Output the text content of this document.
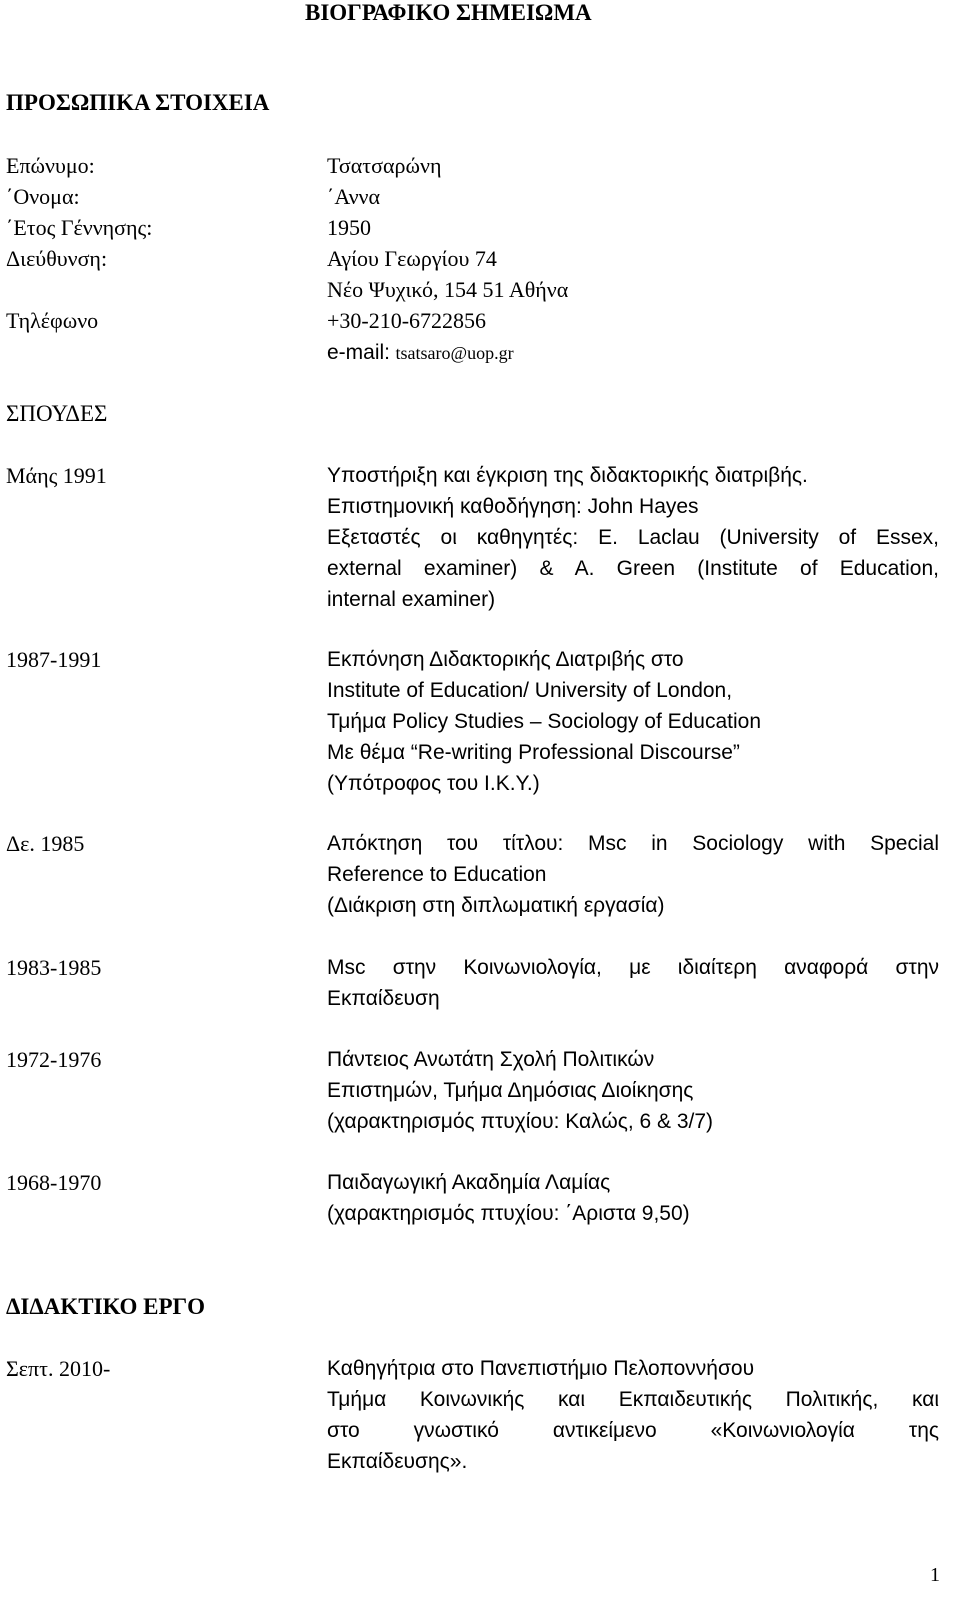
ΒΙΟΓΡΑΦΙΚΟ ΣΗΜΕΙΩΜΑ
ΠΡΟΣΩΠΙΚΑ ΣΤΟΙΧΕΙΑ
Επώνυμο:	Τσατσαρώνη
΄Ονομα:	΄Αννα
΄Ετος Γέννησης:	1950
Διεύθυνση:	Αγίου Γεωργίου 74
Νέο Ψυχικό, 154 51 Αθήνα
Τηλέφωνο	+30-210-6722856
e-mail: tsatsaro@uop.gr
ΣΠΟΥΔΕΣ
Μάης 1991	Υποστήριξη και έγκριση της διδακτορικής διατριβής.
Επιστημονική καθοδήγηση: John Hayes
Εξεταστές οι καθηγητές: E. Laclau (University of Essex,
external examiner) & A. Green (Institute of Education,
internal examiner)
1987-1991	Εκπόνηση Διδακτορικής Διατριβής στο
Institute of Education/ University of London,
Τμήμα Policy Studies – Sociology of Education
Με θέμα “Re-writing Professional Discourse”
(Υπότροφος του Ι.Κ.Υ.)
Δε. 1985	Απόκτηση του τίτλου: Msc in Sociology with Special
Reference to Education
(Διάκριση στη διπλωματική εργασία)
1983-1985	Msc στην Κοινωνιολογία, με ιδιαίτερη αναφορά στην
Εκπαίδευση
1972-1976	Πάντειος Ανωτάτη Σχολή Πολιτικών
Επιστημών, Τμήμα Δημόσιας Διοίκησης
(χαρακτηρισμός πτυχίου: Καλώς, 6 & 3/7)
1968-1970	Παιδαγωγική Ακαδημία Λαμίας
(χαρακτηρισμός πτυχίου: ΄Αριστα 9,50)
ΔΙΔΑΚΤΙΚΟ ΕΡΓΟ
Σεπτ. 2010-	Καθηγήτρια στο Πανεπιστήμιο Πελοποννήσου
Τμήμα Κοινωνικής και Εκπαιδευτικής Πολιτικής, και
στο γνωστικό αντικείμενο «Κοινωνιολογία της
Εκπαίδευσης».
1
